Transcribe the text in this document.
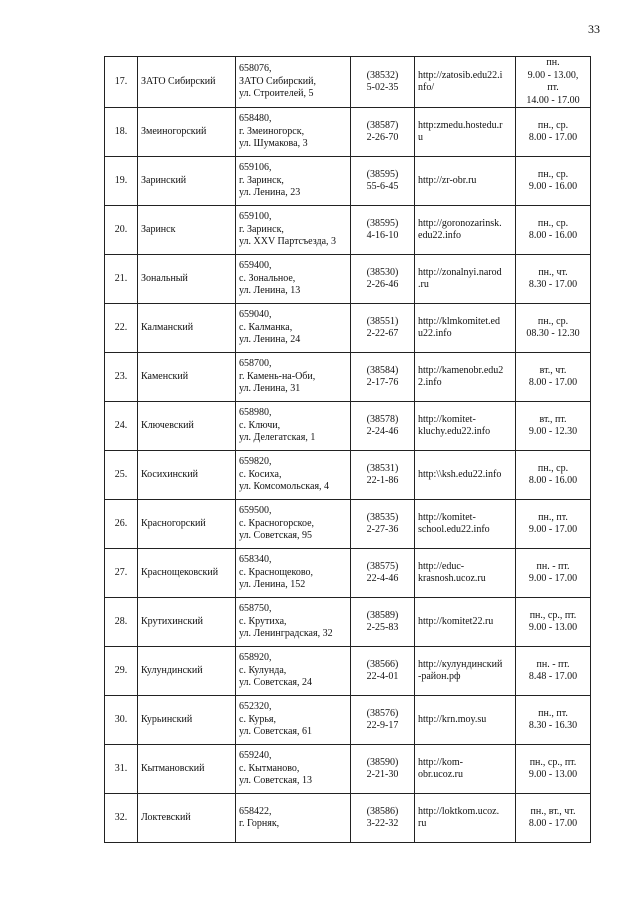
33
17.	ЗАТО Сибирский	658076,
ЗАТО Сибирский,
ул. Строителей, 5	(38532)
5-02-35	http://zatosib.edu22.i
nfo/	пн.
9.00 - 13.00,
пт.
14.00 - 17.00

18.	Змеиногорский	658480,
г. Змеиногорск,
ул. Шумакова, 3	(38587)
2-26-70	http:zmedu.hostedu.r
u	пн., ср.
8.00 - 17.00

19.	Заринский	659106,
г. Заринск,
ул. Ленина, 23	(38595)
55-6-45	http://zr-obr.ru	пн., ср.
9.00 - 16.00

20.	Заринск	659100,
г. Заринск,
ул. XXV Партсъезда, 3	(38595)
4-16-10	http://goronozarinsk.
edu22.info	пн., ср.
8.00 - 16.00

21.	Зональный	659400,
с. Зональное,
ул. Ленина, 13	(38530)
2-26-46	http://zonalnyi.narod
.ru	пн., чт.
8.30 - 17.00

22.	Калманский	659040,
с. Калманка,
ул. Ленина, 24	(38551)
2-22-67	http://klmkomitet.ed
u22.info	пн., ср.
08.30 - 12.30

23.	Каменский	658700,
г. Камень-на-Оби,
ул. Ленина, 31	(38584)
2-17-76	http://kamenobr.edu2
2.info	вт., чт.
8.00 - 17.00

24.	Ключевский	658980,
с. Ключи,
ул. Делегатская, 1	(38578)
2-24-46	http://komitet-
kluchy.edu22.info	вт., пт.
9.00 - 12.30

25.	Косихинский	659820,
с. Косиха,
ул. Комсомольская, 4	(38531)
22-1-86	http:\\ksh.edu22.info	пн., ср.
8.00 - 16.00

26.	Красногорский	659500,
с. Красногорское,
ул. Советская, 95	(38535)
2-27-36	http://komitet-
school.edu22.info	пн., пт.
9.00 - 17.00

27.	Краснощековский	658340,
с. Краснощеково,
ул. Ленина, 152	(38575)
22-4-46	http://educ-
krasnosh.ucoz.ru	пн. - пт.
9.00 - 17.00

28.	Крутихинский	658750,
с. Крутиха,
ул. Ленинградская, 32	(38589)
2-25-83	http://komitet22.ru	пн., ср., пт.
9.00 - 13.00

29.	Кулундинский	658920,
с. Кулунда,
ул. Советская, 24	(38566)
22-4-01	http://кулундинский
-район.рф	пн. - пт.
8.48 - 17.00

30.	Курьинский	652320,
с. Курья,
ул. Советская, 61	(38576)
22-9-17	http://krn.moy.su	пн., пт.
8.30 - 16.30

31.	Кытмановский	659240,
с. Кытманово,
ул. Советская, 13	(38590)
2-21-30	http://kom-
obr.ucoz.ru	пн., ср., пт.
9.00 - 13.00

32.	Локтевский	658422,
г. Горняк,	(38586)
3-22-32	http://loktkom.ucoz.
ru	пн., вт., чт.
8.00 - 17.00
